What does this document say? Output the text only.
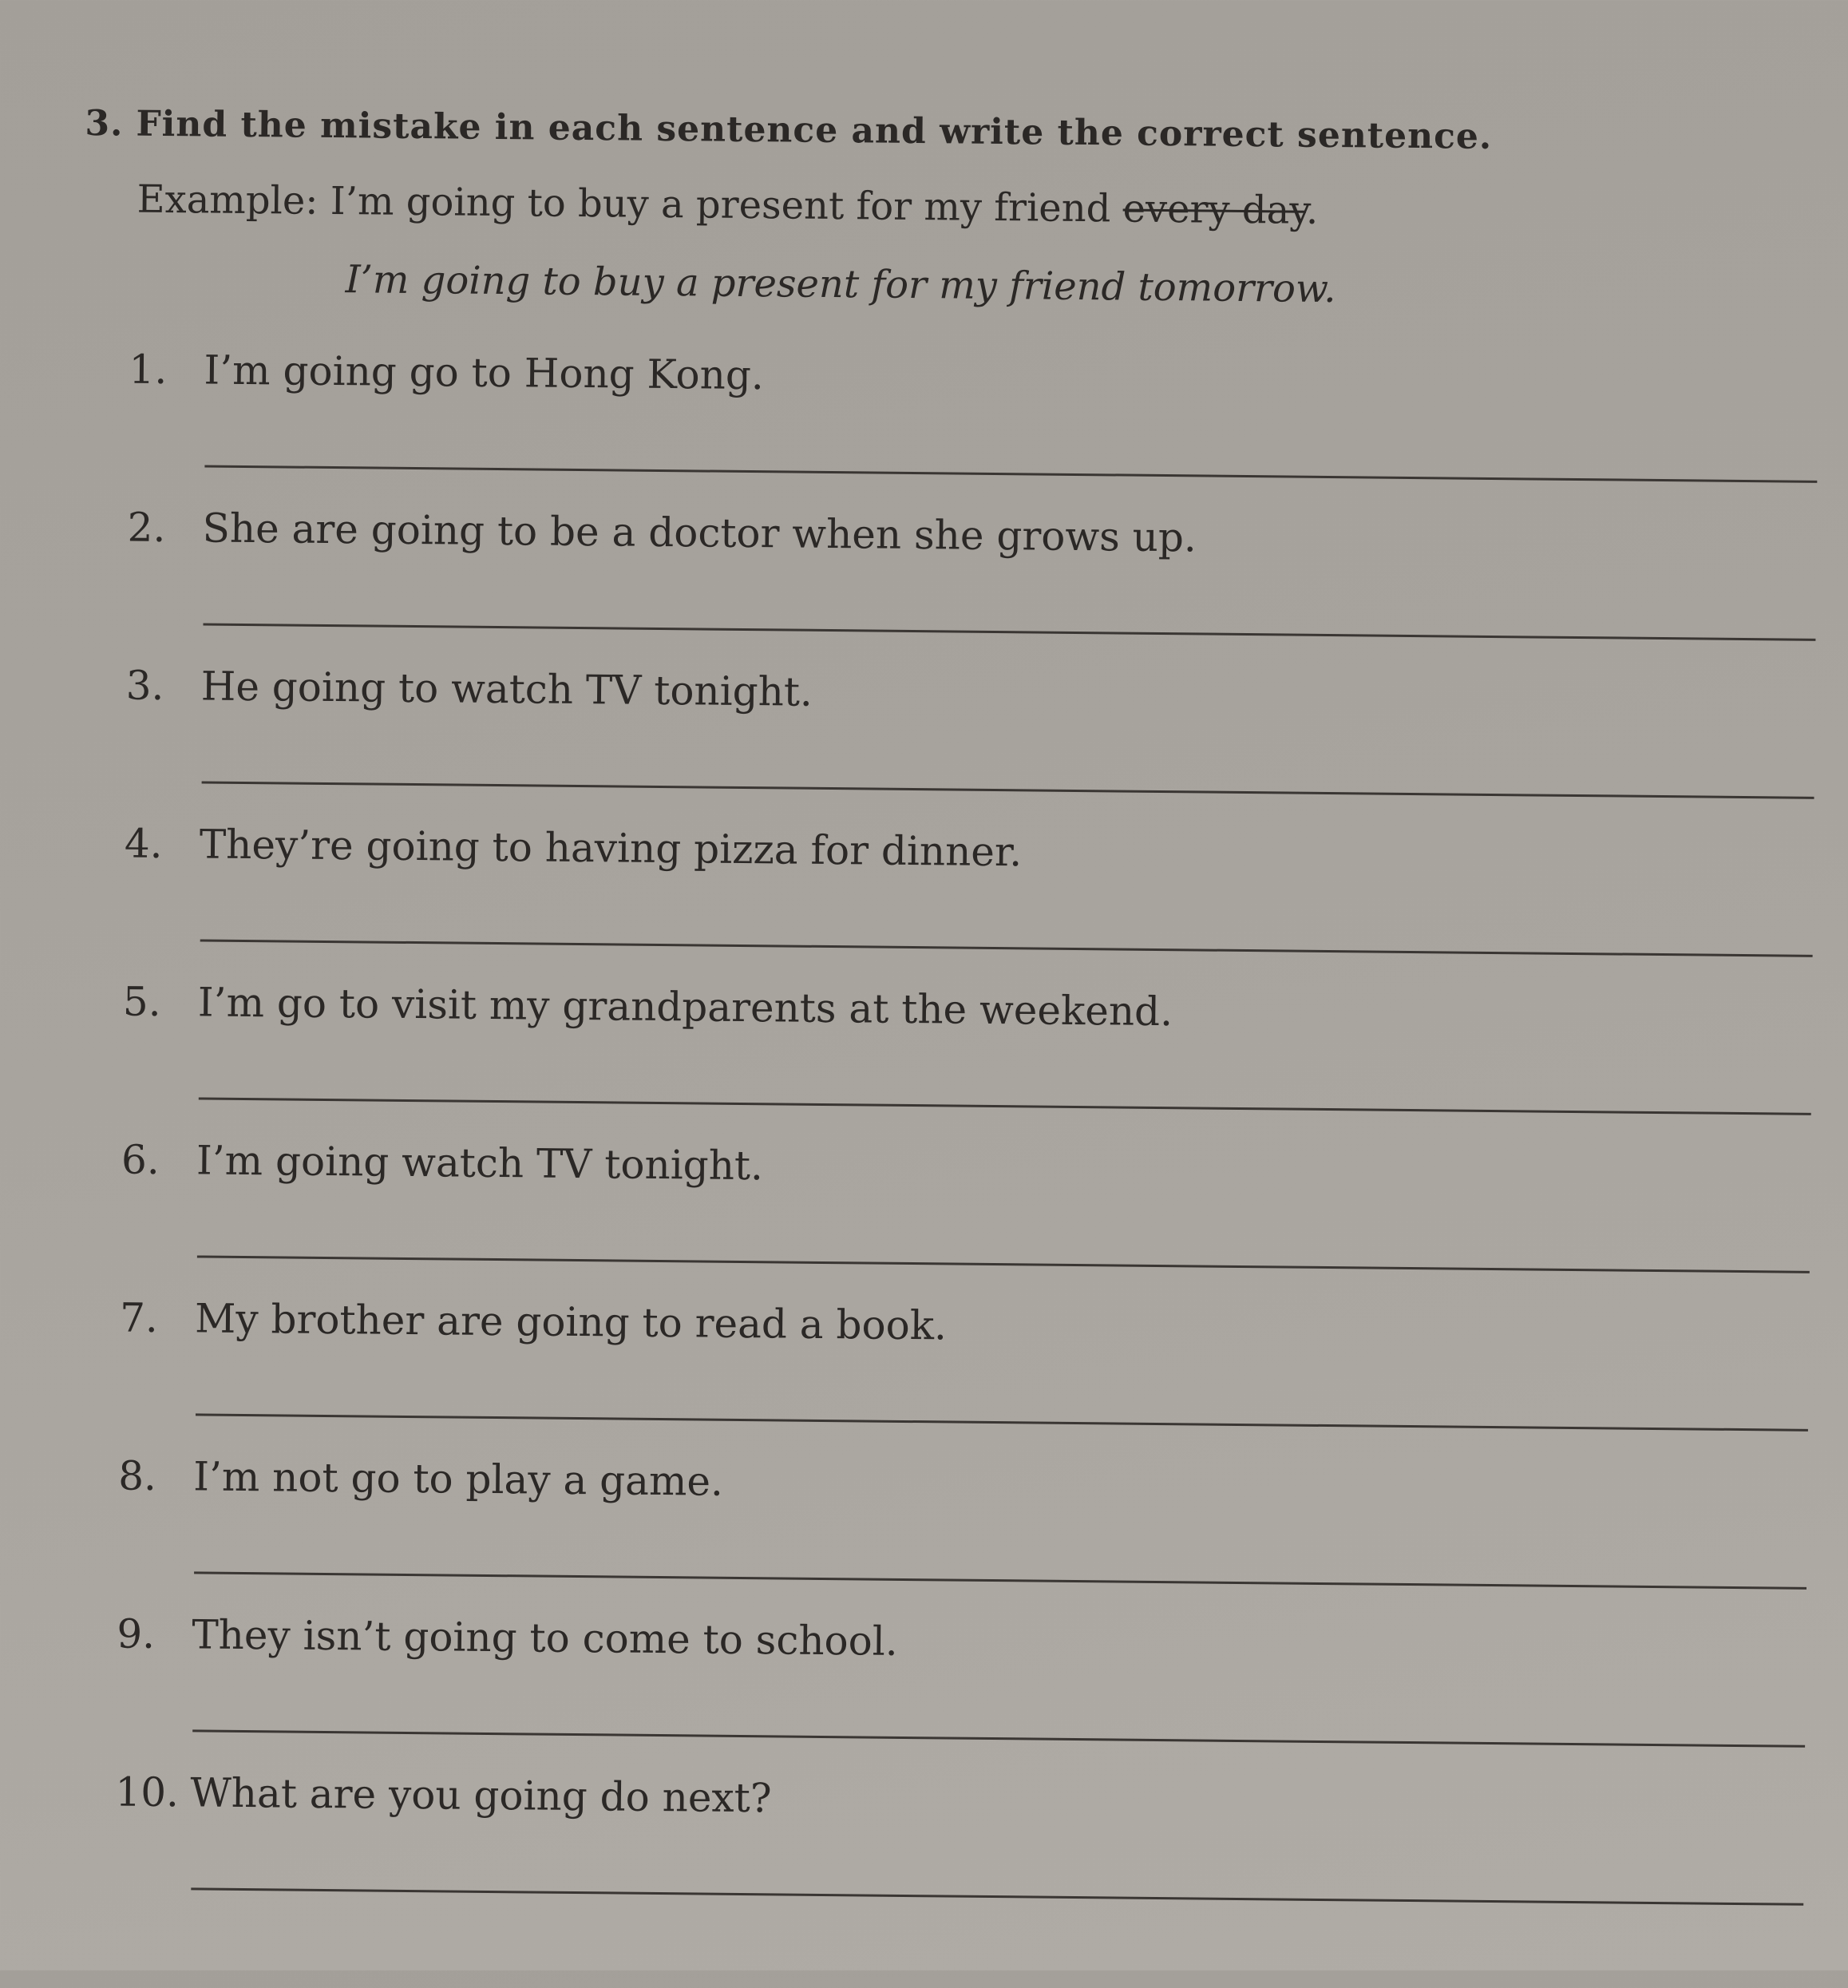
3. Find the mistake in each sentence and write the correct sentence.
Example: I’m going to buy a present for my friend every day.
I’m going to buy a present for my friend tomorrow.
1. I’m going go to Hong Kong.
2. She are going to be a doctor when she grows up.
3. He going to watch TV tonight.
4. They’re going to having pizza for dinner.
5. I’m go to visit my grandparents at the weekend.
6. I’m going watch TV tonight.
7. My brother are going to read a book.
8. I’m not go to play a game.
9. They isn’t going to come to school.
10. What are you going do next?
